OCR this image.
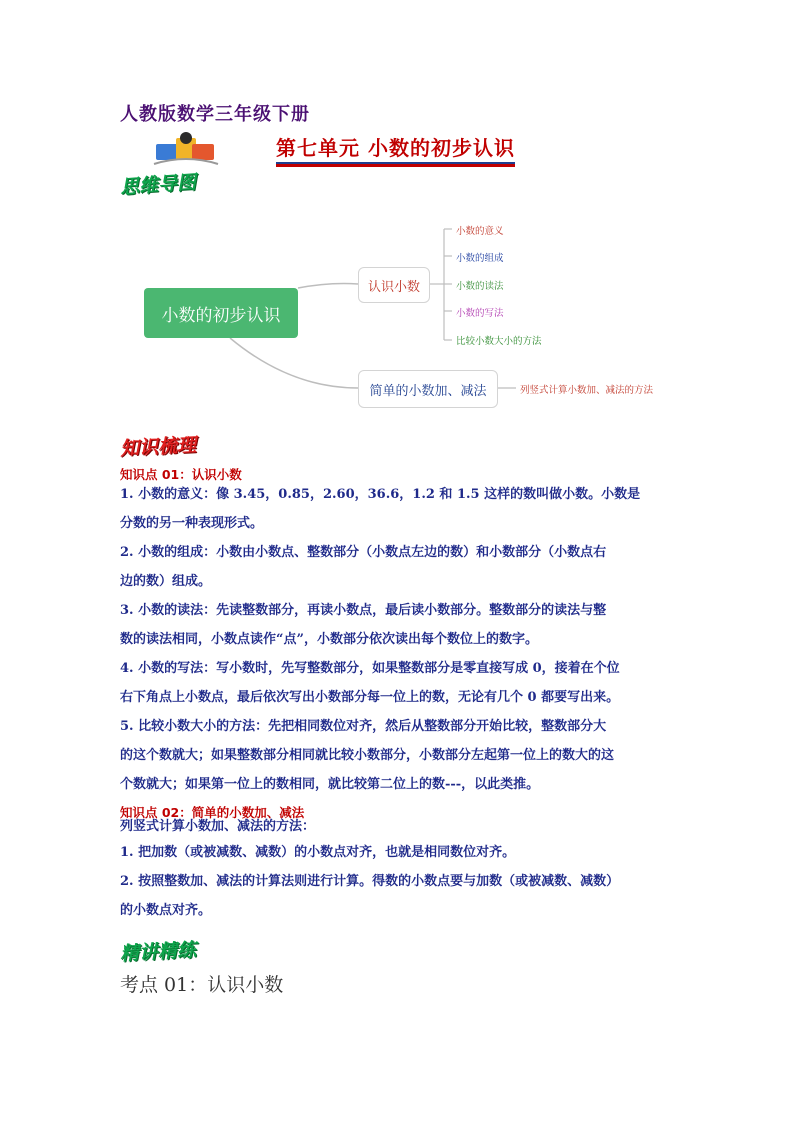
人教版数学三年级下册
第七单元 小数的初步认识
思维导图
小数的初步认识
认识小数
小数的意义
小数的组成
小数的读法
小数的写法
比较小数大小的方法
简单的小数加、减法	列竖式计算小数加、减法的方法
知识梳理
知识点 01：认识小数
1. 小数的意义：像 3.45，0.85，2.60，36.6，1.2 和 1.5 这样的数叫做小数。小数是
分数的另一种表现形式。
2. 小数的组成：小数由小数点、整数部分（小数点左边的数）和小数部分（小数点右
边的数）组成。
3. 小数的读法：先读整数部分，再读小数点，最后读小数部分。整数部分的读法与整
数的读法相同，小数点读作“点”，小数部分依次读出每个数位上的数字。
4. 小数的写法：写小数时，先写整数部分，如果整数部分是零直接写成 0，接着在个位
右下角点上小数点，最后依次写出小数部分每一位上的数，无论有几个 0 都要写出来。
5. 比较小数大小的方法：先把相同数位对齐，然后从整数部分开始比较，整数部分大
的这个数就大；如果整数部分相同就比较小数部分，小数部分左起第一位上的数大的这
个数就大；如果第一位上的数相同，就比较第二位上的数---，以此类推。
知识点 02：简单的小数加、减法
列竖式计算小数加、减法的方法：
1. 把加数（或被减数、减数）的小数点对齐，也就是相同数位对齐。
2. 按照整数加、减法的计算法则进行计算。得数的小数点要与加数（或被减数、减数）
的小数点对齐。
精讲精练
考点 01：认识小数
